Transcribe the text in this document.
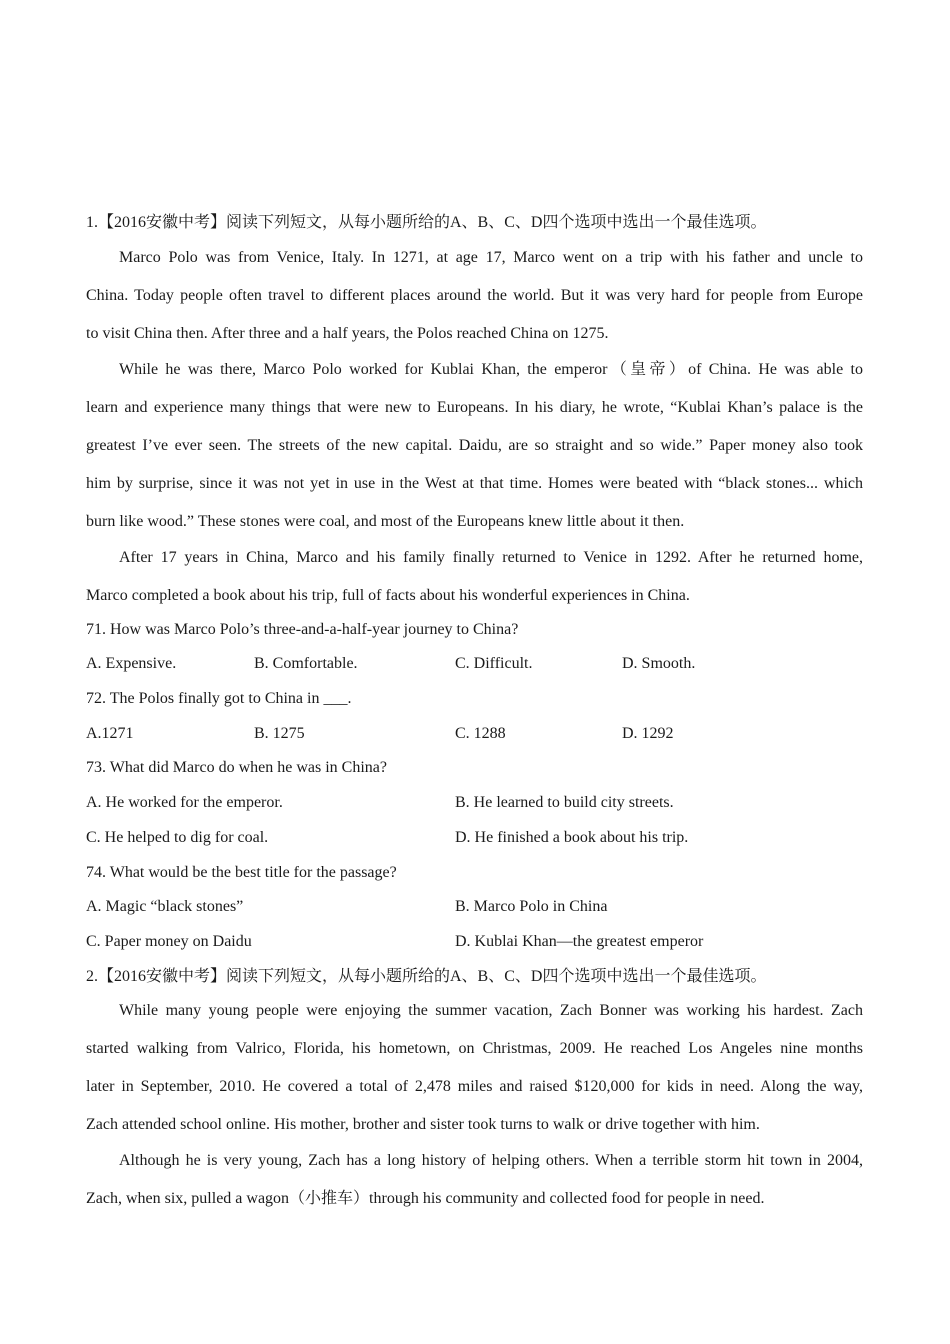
1.【2016安徽中考】阅读下列短文，从每小题所给的A、B、C、D四个选项中选出一个最佳选项。
Marco Polo was from Venice, Italy. In 1271, at age 17, Marco went on a trip with his father and uncle to
China. Today people often travel to different places around the world. But it was very hard for people from Europe
to visit China then. After three and a half years, the Polos reached China on 1275.
While he was there, Marco Polo worked for Kublai Khan, the emperor（皇帝）of China. He was able to
learn and experience many things that were new to Europeans. In his diary, he wrote, “Kublai Khan’s palace is the
greatest I’ve ever seen. The streets of the new capital. Daidu, are so straight and so wide.” Paper money also took
him by surprise, since it was not yet in use in the West at that time. Homes were beated with “black stones... which
burn like wood.” These stones were coal, and most of the Europeans knew little about it then.
After 17 years in China, Marco and his family finally returned to Venice in 1292. After he returned home,
Marco completed a book about his trip, full of facts about his wonderful experiences in China.
71. How was Marco Polo’s three-and-a-half-year journey to China?
A. Expensive.	B. Comfortable.	C. Difficult.	D. Smooth.
72. The Polos finally got to China in ___.
A.1271	B. 1275	C. 1288	D. 1292
73. What did Marco do when he was in China?
A. He worked for the emperor.	B. He learned to build city streets.
C. He helped to dig for coal.	D. He finished a book about his trip.
74. What would be the best title for the passage?
A. Magic “black stones”	B. Marco Polo in China
C. Paper money on Daidu	D. Kublai Khan—the greatest emperor
2.【2016安徽中考】阅读下列短文，从每小题所给的A、B、C、D四个选项中选出一个最佳选项。
While many young people were enjoying the summer vacation, Zach Bonner was working his hardest. Zach
started walking from Valrico, Florida, his hometown, on Christmas, 2009. He reached Los Angeles nine months
later in September, 2010. He covered a total of 2,478 miles and raised $120,000 for kids in need. Along the way,
Zach attended school online. His mother, brother and sister took turns to walk or drive together with him.
Although he is very young, Zach has a long history of helping others. When a terrible storm hit town in 2004,
Zach, when six, pulled a wagon（小推车）through his community and collected food for people in need.
